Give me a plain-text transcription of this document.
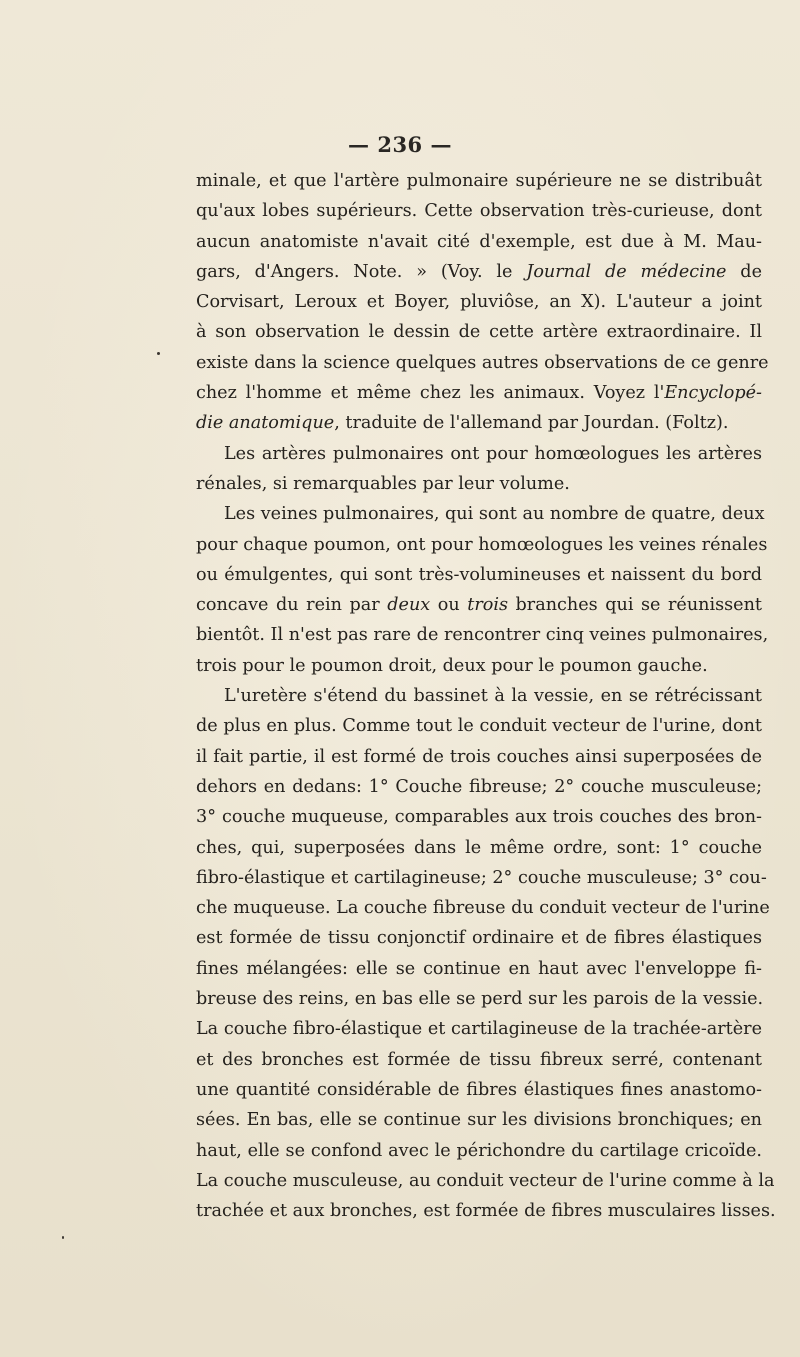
— 236 —
minale, et que l'artère pulmonaire supérieure ne se distribuât
qu'aux lobes supérieurs. Cette observation très-curieuse, dont
aucun anatomiste n'avait cité d'exemple, est due à M. Mau-
gars, d'Angers. Note. » (Voy. le Journal de médecine de
Corvisart, Leroux et Boyer, pluviôse, an X). L'auteur a joint
à son observation le dessin de cette artère extraordinaire. Il
existe dans la science quelques autres observations de ce genre
chez l'homme et même chez les animaux. Voyez l'Encyclopé-
die anatomique, traduite de l'allemand par Jourdan. (Foltz).
Les artères pulmonaires ont pour homœologues les artères
rénales, si remarquables par leur volume.
Les veines pulmonaires, qui sont au nombre de quatre, deux
pour chaque poumon, ont pour homœologues les veines rénales
ou émulgentes, qui sont très-volumineuses et naissent du bord
concave du rein par deux ou trois branches qui se réunissent
bientôt. Il n'est pas rare de rencontrer cinq veines pulmonaires,
trois pour le poumon droit, deux pour le poumon gauche.
L'uretère s'étend du bassinet à la vessie, en se rétrécissant
de plus en plus. Comme tout le conduit vecteur de l'urine, dont
il fait partie, il est formé de trois couches ainsi superposées de
dehors en dedans: 1° Couche fibreuse; 2° couche musculeuse;
3° couche muqueuse, comparables aux trois couches des bron-
ches, qui, superposées dans le même ordre, sont: 1° couche
fibro-élastique et cartilagineuse; 2° couche musculeuse; 3° cou-
che muqueuse. La couche fibreuse du conduit vecteur de l'urine
est formée de tissu conjonctif ordinaire et de fibres élastiques
fines mélangées: elle se continue en haut avec l'enveloppe fi-
breuse des reins, en bas elle se perd sur les parois de la vessie.
La couche fibro-élastique et cartilagineuse de la trachée-artère
et des bronches est formée de tissu fibreux serré, contenant
une quantité considérable de fibres élastiques fines anastomo-
sées. En bas, elle se continue sur les divisions bronchiques; en
haut, elle se confond avec le périchondre du cartilage cricoïde.
La couche musculeuse, au conduit vecteur de l'urine comme à la
trachée et aux bronches, est formée de fibres musculaires lisses.
